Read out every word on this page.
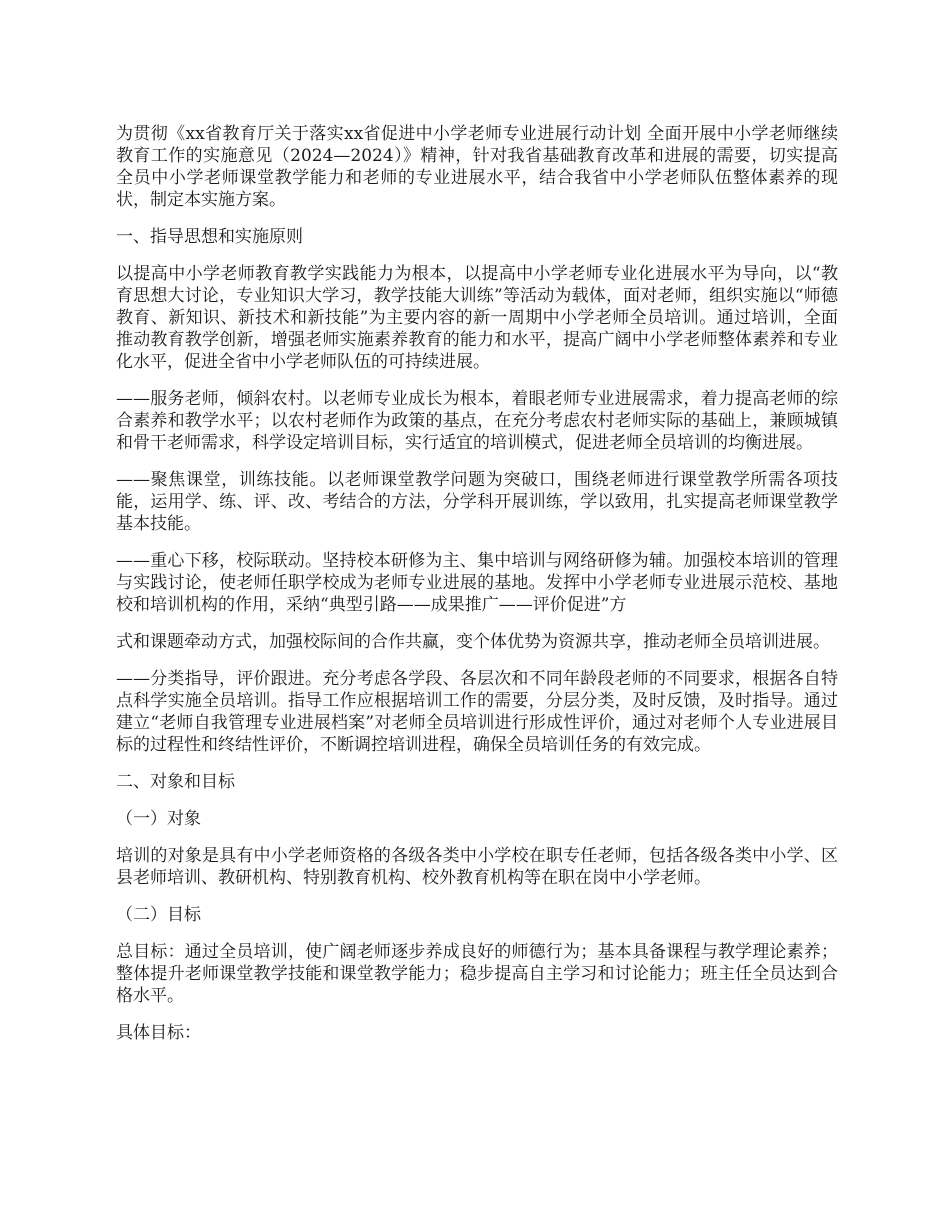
为贯彻《xx省教育厅关于落实xx省促进中小学老师专业进展行动计划 全面开展中小学老师继续教育工作的实施意见（2024—2024）》精神，针对我省基础教育改革和进展的需要，切实提高全员中小学老师课堂教学能力和老师的专业进展水平，结合我省中小学老师队伍整体素养的现状，制定本实施方案。

一、指导思想和实施原则

以提高中小学老师教育教学实践能力为根本，以提高中小学老师专业化进展水平为导向，以“教育思想大讨论，专业知识大学习，教学技能大训练”等活动为载体，面对老师，组织实施以“师德教育、新知识、新技术和新技能”为主要内容的新一周期中小学老师全员培训。通过培训，全面推动教育教学创新，增强老师实施素养教育的能力和水平，提高广阔中小学老师整体素养和专业化水平，促进全省中小学老师队伍的可持续进展。

——服务老师，倾斜农村。以老师专业成长为根本，着眼老师专业进展需求，着力提高老师的综合素养和教学水平；以农村老师作为政策的基点，在充分考虑农村老师实际的基础上，兼顾城镇和骨干老师需求，科学设定培训目标，实行适宜的培训模式，促进老师全员培训的均衡进展。

——聚焦课堂，训练技能。以老师课堂教学问题为突破口，围绕老师进行课堂教学所需各项技能，运用学、练、评、改、考结合的方法，分学科开展训练，学以致用，扎实提高老师课堂教学基本技能。

——重心下移，校际联动。坚持校本研修为主、集中培训与网络研修为辅。加强校本培训的管理与实践讨论，使老师任职学校成为老师专业进展的基地。发挥中小学老师专业进展示范校、基地校和培训机构的作用，采纳“典型引路——成果推广——评价促进”方

式和课题牵动方式，加强校际间的合作共赢，变个体优势为资源共享，推动老师全员培训进展。

——分类指导，评价跟进。充分考虑各学段、各层次和不同年龄段老师的不同要求，根据各自特点科学实施全员培训。指导工作应根据培训工作的需要，分层分类，及时反馈，及时指导。通过建立“老师自我管理专业进展档案”对老师全员培训进行形成性评价，通过对老师个人专业进展目标的过程性和终结性评价，不断调控培训进程，确保全员培训任务的有效完成。

二、对象和目标

（一）对象

培训的对象是具有中小学老师资格的各级各类中小学校在职专任老师，包括各级各类中小学、区县老师培训、教研机构、特别教育机构、校外教育机构等在职在岗中小学老师。

（二）目标

总目标：通过全员培训，使广阔老师逐步养成良好的师德行为；基本具备课程与教学理论素养；整体提升老师课堂教学技能和课堂教学能力；稳步提高自主学习和讨论能力；班主任全员达到合格水平。

具体目标：
